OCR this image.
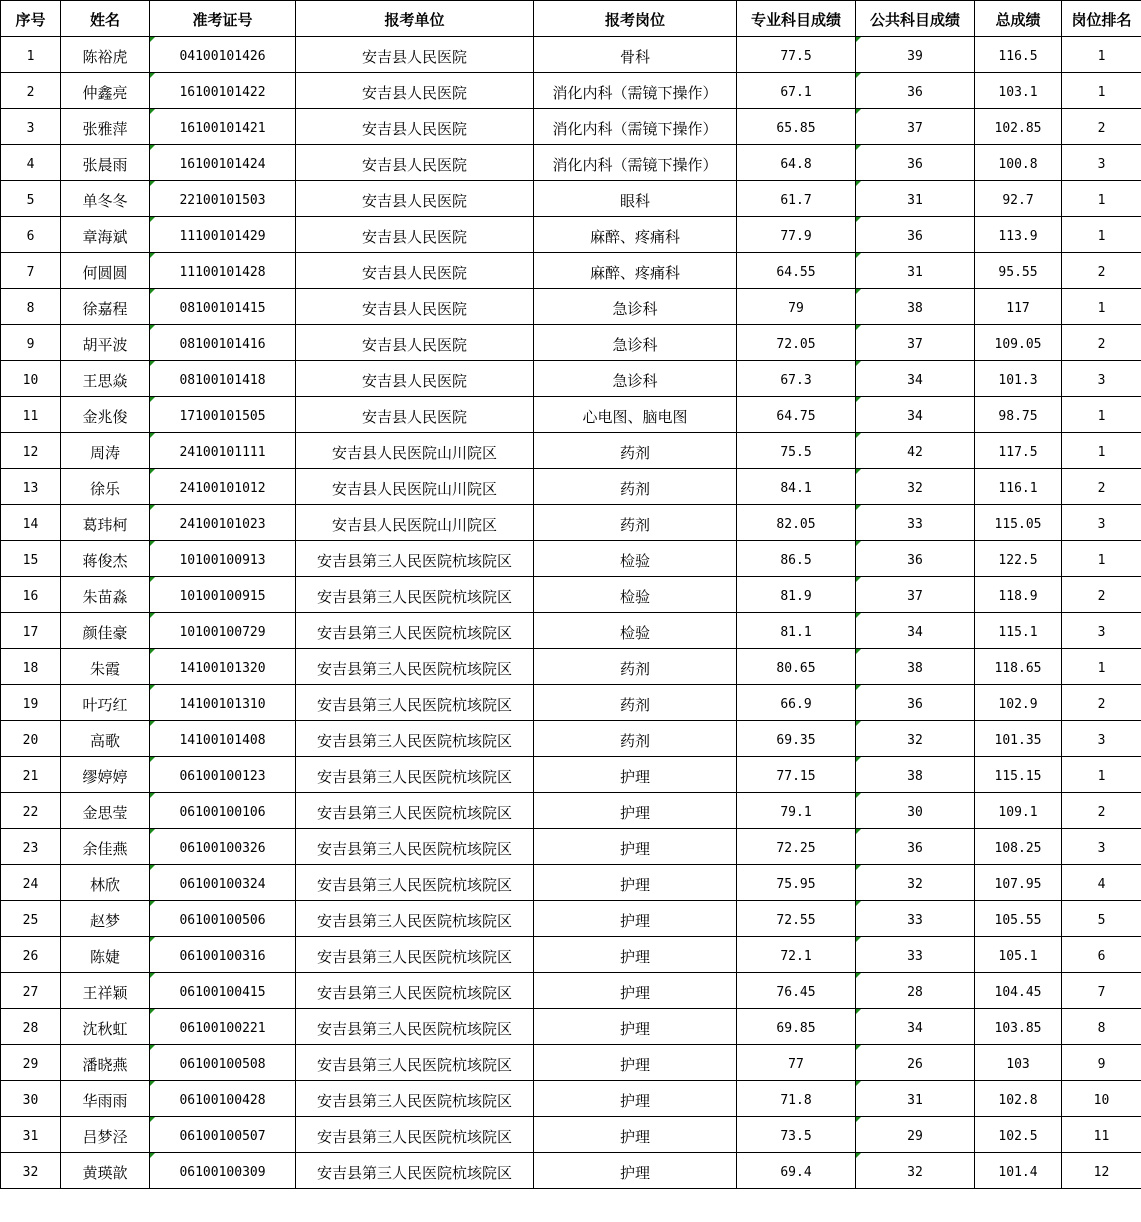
序号	姓名	准考证号	报考单位	报考岗位	专业科目成绩	公共科目成绩	总成绩	岗位排名
1	陈裕虎	04100101426	安吉县人民医院	骨科	77.5	39	116.5	1
2	仲鑫亮	16100101422	安吉县人民医院	消化内科（需镜下操作）	67.1	36	103.1	1
3	张雅萍	16100101421	安吉县人民医院	消化内科（需镜下操作）	65.85	37	102.85	2
4	张晨雨	16100101424	安吉县人民医院	消化内科（需镜下操作）	64.8	36	100.8	3
5	单冬冬	22100101503	安吉县人民医院	眼科	61.7	31	92.7	1
6	章海斌	11100101429	安吉县人民医院	麻醉、疼痛科	77.9	36	113.9	1
7	何圆圆	11100101428	安吉县人民医院	麻醉、疼痛科	64.55	31	95.55	2
8	徐嘉程	08100101415	安吉县人民医院	急诊科	79	38	117	1
9	胡平波	08100101416	安吉县人民医院	急诊科	72.05	37	109.05	2
10	王思焱	08100101418	安吉县人民医院	急诊科	67.3	34	101.3	3
11	金兆俊	17100101505	安吉县人民医院	心电图、脑电图	64.75	34	98.75	1
12	周涛	24100101111	安吉县人民医院山川院区	药剂	75.5	42	117.5	1
13	徐乐	24100101012	安吉县人民医院山川院区	药剂	84.1	32	116.1	2
14	葛玮柯	24100101023	安吉县人民医院山川院区	药剂	82.05	33	115.05	3
15	蒋俊杰	10100100913	安吉县第三人民医院杭垓院区	检验	86.5	36	122.5	1
16	朱苗淼	10100100915	安吉县第三人民医院杭垓院区	检验	81.9	37	118.9	2
17	颜佳豪	10100100729	安吉县第三人民医院杭垓院区	检验	81.1	34	115.1	3
18	朱霞	14100101320	安吉县第三人民医院杭垓院区	药剂	80.65	38	118.65	1
19	叶巧红	14100101310	安吉县第三人民医院杭垓院区	药剂	66.9	36	102.9	2
20	高歌	14100101408	安吉县第三人民医院杭垓院区	药剂	69.35	32	101.35	3
21	缪婷婷	06100100123	安吉县第三人民医院杭垓院区	护理	77.15	38	115.15	1
22	金思莹	06100100106	安吉县第三人民医院杭垓院区	护理	79.1	30	109.1	2
23	余佳燕	06100100326	安吉县第三人民医院杭垓院区	护理	72.25	36	108.25	3
24	林欣	06100100324	安吉县第三人民医院杭垓院区	护理	75.95	32	107.95	4
25	赵梦	06100100506	安吉县第三人民医院杭垓院区	护理	72.55	33	105.55	5
26	陈婕	06100100316	安吉县第三人民医院杭垓院区	护理	72.1	33	105.1	6
27	王祥颖	06100100415	安吉县第三人民医院杭垓院区	护理	76.45	28	104.45	7
28	沈秋虹	06100100221	安吉县第三人民医院杭垓院区	护理	69.85	34	103.85	8
29	潘晓燕	06100100508	安吉县第三人民医院杭垓院区	护理	77	26	103	9
30	华雨雨	06100100428	安吉县第三人民医院杭垓院区	护理	71.8	31	102.8	10
31	吕梦泾	06100100507	安吉县第三人民医院杭垓院区	护理	73.5	29	102.5	11
32	黄瑛歆	06100100309	安吉县第三人民医院杭垓院区	护理	69.4	32	101.4	12
